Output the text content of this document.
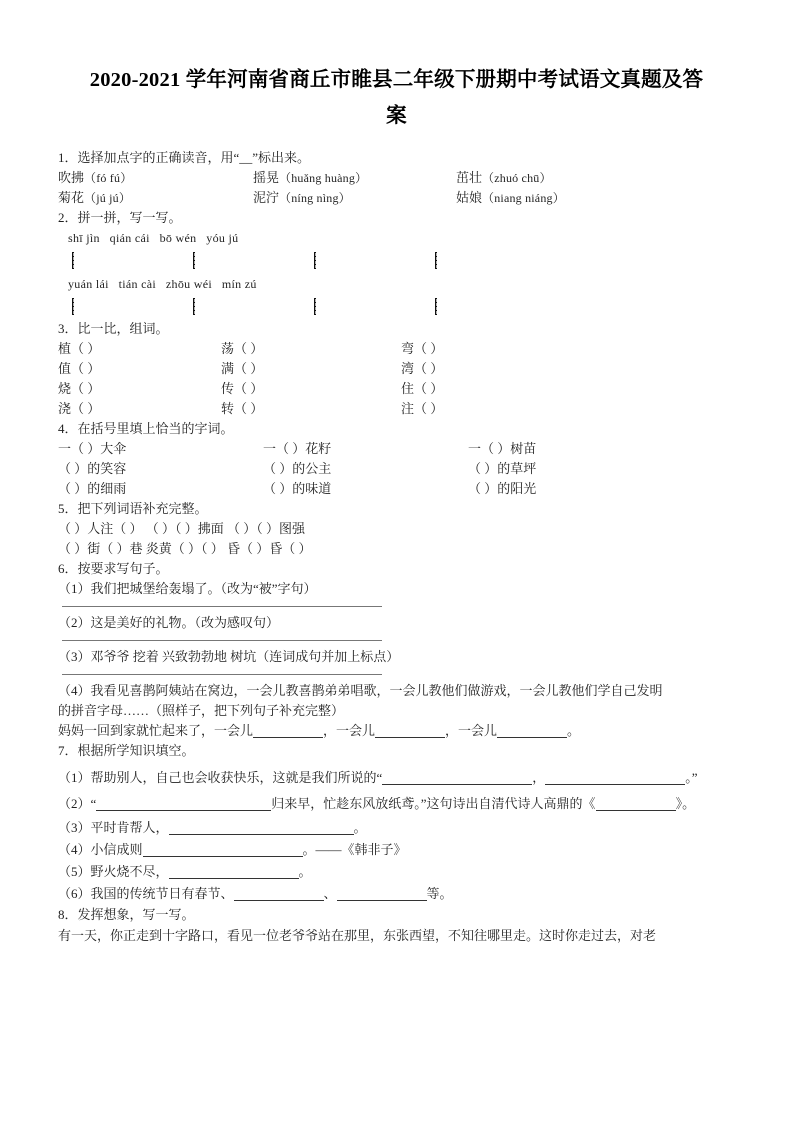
2020-2021 学年河南省商丘市睢县二年级下册期中考试语文真题及答
案

1．选择加点字的正确读音，用“__”标出来。

吹拂（fó fú）	摇晃（huǎng huàng）	茁壮（zhuó chū）
菊花（jú jú）	泥泞（níng nìng）	姑娘（niang niáng）

2．拼一拼，写一写。

shī jìn   qián cái   bō wén   yóu jú
yuán lái   tián cài   zhōu wéi   mín zú

3．比一比，组词。

植（ ）	荡（ ）	弯（ ）
值（ ）	满（ ）	湾（ ）
烧（ ）	传（ ）	住（ ）
浇（ ）	转（ ）	注（ ）

4．在括号里填上恰当的字词。

一（ ）大伞	一（ ）花籽	一（ ）树苗
（ ）的笑容	（ ）的公主	（ ）的草坪
（ ）的细雨	（ ）的味道	（ ）的阳光

5．把下列词语补充完整。

（ ）人注（ ） （ ）（ ）拂面 （ ）（ ）图强
（ ）街（ ）巷 炎黄（ ）（ ） 昏（ ）昏（ ）

6．按要求写句子。

（1）我们把城堡给轰塌了。（改为“被”字句）

（2）这是美好的礼物。（改为感叹句）

（3）邓爷爷 挖着 兴致勃勃地 树坑（连词成句并加上标点）

（4）我看见喜鹊阿姨站在窝边，一会儿教喜鹊弟弟唱歌，一会儿教他们做游戏，一会儿教他们学自己发明

的拼音字母……（照样子，把下列句子补充完整）

妈妈一回到家就忙起来了，一会儿	，一会儿	，一会儿	。

7．根据所学知识填空。

（1）帮助别人，自己也会收获快乐，这就是我们所说的“	，	。”

（2）“	归来早，忙趁东风放纸鸢。”这句诗出自清代诗人高鼎的《	》。

（3）平时肯帮人，	。

（4）小信成则	。——《韩非子》

（5）野火烧不尽，	。

（6）我国的传统节日有春节、	、	等。

8．发挥想象，写一写。

有一天，你正走到十字路口，看见一位老爷爷站在那里，东张西望，不知往哪里走。这时你走过去，对老
